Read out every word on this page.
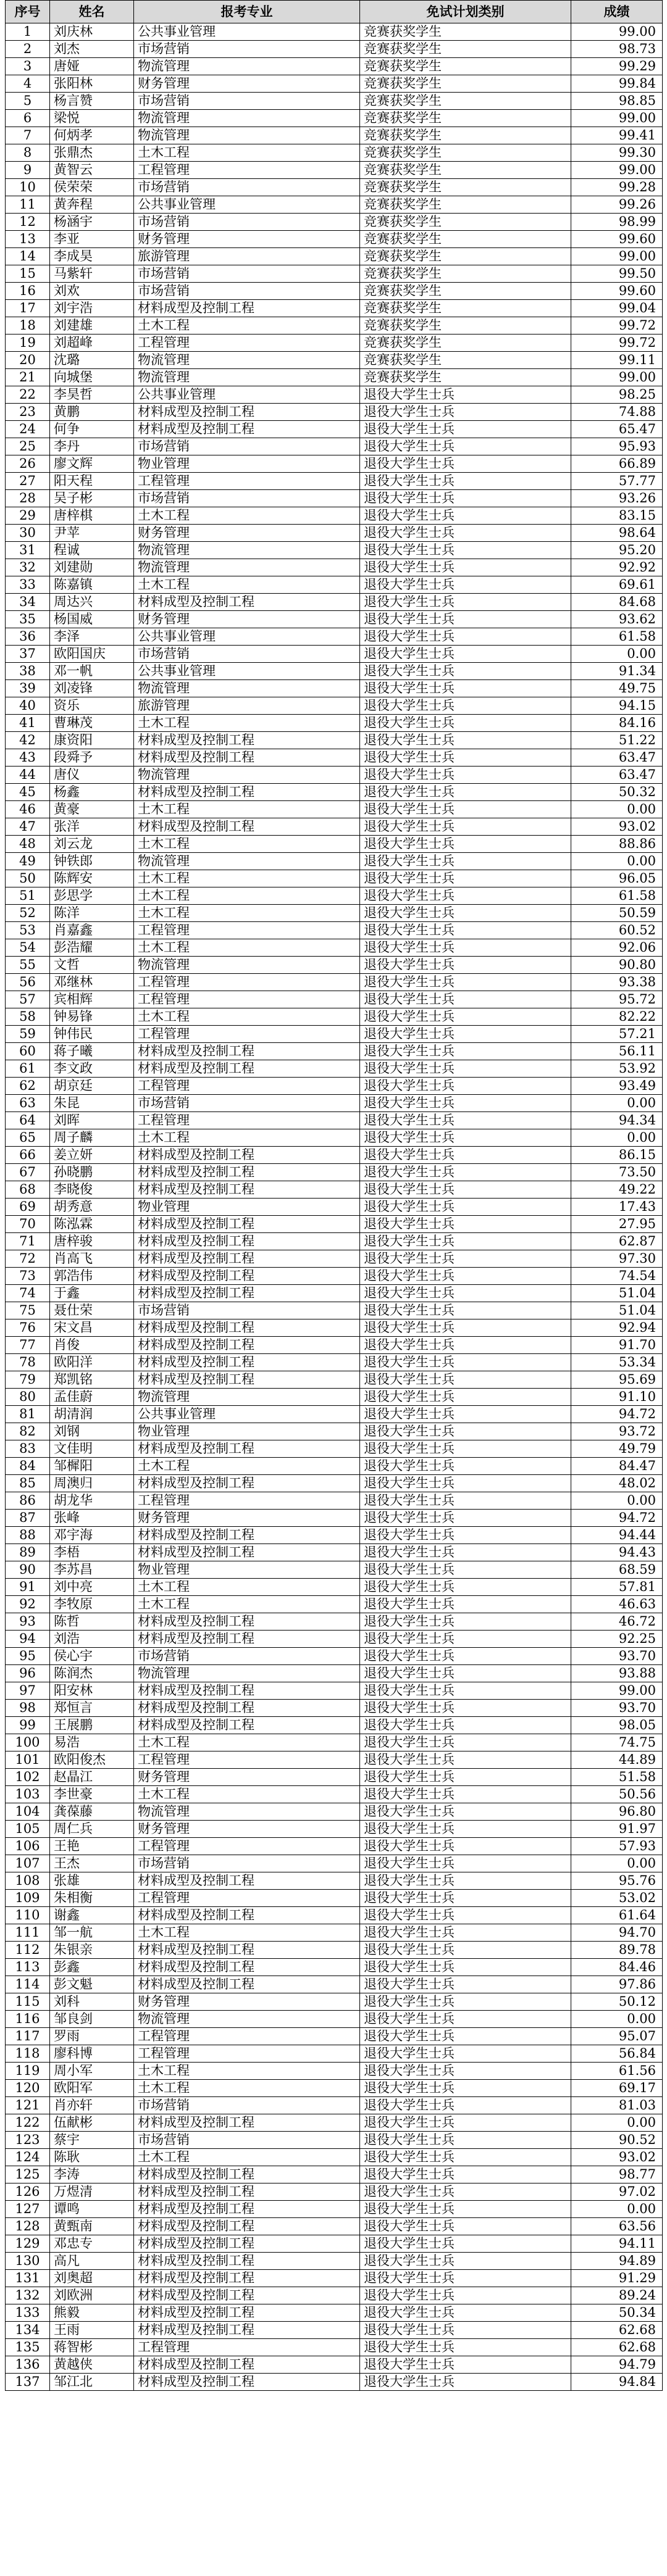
序号	姓名	报考专业	免试计划类别	成绩
1	刘庆林	公共事业管理	竞赛获奖学生	99.00
2	刘杰	市场营销	竞赛获奖学生	98.73
3	唐娅	物流管理	竞赛获奖学生	99.29
4	张阳林	财务管理	竞赛获奖学生	99.84
5	杨言赞	市场营销	竞赛获奖学生	98.85
6	梁悦	物流管理	竞赛获奖学生	99.00
7	何炳孝	物流管理	竞赛获奖学生	99.41
8	张鼎杰	土木工程	竞赛获奖学生	99.30
9	黄智云	工程管理	竞赛获奖学生	99.00
10	侯荣荣	市场营销	竞赛获奖学生	99.28
11	黄奔程	公共事业管理	竞赛获奖学生	99.26
12	杨涵宇	市场营销	竞赛获奖学生	98.99
13	李亚	财务管理	竞赛获奖学生	99.60
14	李成昊	旅游管理	竞赛获奖学生	99.00
15	马紫轩	市场营销	竞赛获奖学生	99.50
16	刘欢	市场营销	竞赛获奖学生	99.60
17	刘宇浩	材料成型及控制工程	竞赛获奖学生	99.04
18	刘建雄	土木工程	竞赛获奖学生	99.72
19	刘超峰	工程管理	竞赛获奖学生	99.72
20	沈璐	物流管理	竞赛获奖学生	99.11
21	向城堡	物流管理	竞赛获奖学生	99.00
22	李昊哲	公共事业管理	退役大学生士兵	98.25
23	黄鹏	材料成型及控制工程	退役大学生士兵	74.88
24	何争	材料成型及控制工程	退役大学生士兵	65.47
25	李丹	市场营销	退役大学生士兵	95.93
26	廖文辉	物业管理	退役大学生士兵	66.89
27	阳天程	工程管理	退役大学生士兵	57.77
28	吴子彬	市场营销	退役大学生士兵	93.26
29	唐梓棋	土木工程	退役大学生士兵	83.15
30	尹苹	财务管理	退役大学生士兵	98.64
31	程诚	物流管理	退役大学生士兵	95.20
32	刘建勋	物流管理	退役大学生士兵	92.92
33	陈嘉镇	土木工程	退役大学生士兵	69.61
34	周达兴	材料成型及控制工程	退役大学生士兵	84.68
35	杨国威	财务管理	退役大学生士兵	93.62
36	李泽	公共事业管理	退役大学生士兵	61.58
37	欧阳国庆	市场营销	退役大学生士兵	0.00
38	邓一帆	公共事业管理	退役大学生士兵	91.34
39	刘凌锋	物流管理	退役大学生士兵	49.75
40	资乐	旅游管理	退役大学生士兵	94.15
41	曹琳茂	土木工程	退役大学生士兵	84.16
42	康资阳	材料成型及控制工程	退役大学生士兵	51.22
43	段舜予	材料成型及控制工程	退役大学生士兵	63.47
44	唐仪	物流管理	退役大学生士兵	63.47
45	杨鑫	材料成型及控制工程	退役大学生士兵	50.32
46	黄豪	土木工程	退役大学生士兵	0.00
47	张洋	材料成型及控制工程	退役大学生士兵	93.02
48	刘云龙	土木工程	退役大学生士兵	88.86
49	钟铁郎	物流管理	退役大学生士兵	0.00
50	陈辉安	土木工程	退役大学生士兵	96.05
51	彭思学	土木工程	退役大学生士兵	61.58
52	陈洋	土木工程	退役大学生士兵	50.59
53	肖嘉鑫	工程管理	退役大学生士兵	60.52
54	彭浩耀	土木工程	退役大学生士兵	92.06
55	文哲	物流管理	退役大学生士兵	90.80
56	邓继林	工程管理	退役大学生士兵	93.38
57	宾相辉	工程管理	退役大学生士兵	95.72
58	钟易锋	土木工程	退役大学生士兵	82.22
59	钟伟民	工程管理	退役大学生士兵	57.21
60	蒋子曦	材料成型及控制工程	退役大学生士兵	56.11
61	李文政	材料成型及控制工程	退役大学生士兵	53.92
62	胡京廷	工程管理	退役大学生士兵	93.49
63	朱昆	市场营销	退役大学生士兵	0.00
64	刘晖	工程管理	退役大学生士兵	94.34
65	周子麟	土木工程	退役大学生士兵	0.00
66	姜立妍	材料成型及控制工程	退役大学生士兵	86.15
67	孙晓鹏	材料成型及控制工程	退役大学生士兵	73.50
68	李晓俊	材料成型及控制工程	退役大学生士兵	49.22
69	胡秀意	物业管理	退役大学生士兵	17.43
70	陈泓霖	材料成型及控制工程	退役大学生士兵	27.95
71	唐梓骏	材料成型及控制工程	退役大学生士兵	62.87
72	肖高飞	材料成型及控制工程	退役大学生士兵	97.30
73	郭浩伟	材料成型及控制工程	退役大学生士兵	74.54
74	于鑫	材料成型及控制工程	退役大学生士兵	51.04
75	聂仕荣	市场营销	退役大学生士兵	51.04
76	宋文昌	材料成型及控制工程	退役大学生士兵	92.94
77	肖俊	材料成型及控制工程	退役大学生士兵	91.70
78	欧阳洋	材料成型及控制工程	退役大学生士兵	53.34
79	郑凯铭	材料成型及控制工程	退役大学生士兵	95.69
80	孟佳蔚	物流管理	退役大学生士兵	91.10
81	胡清润	公共事业管理	退役大学生士兵	94.72
82	刘钢	物业管理	退役大学生士兵	93.72
83	文佳明	材料成型及控制工程	退役大学生士兵	49.79
84	邹樨阳	土木工程	退役大学生士兵	84.47
85	周澳归	材料成型及控制工程	退役大学生士兵	48.02
86	胡龙华	工程管理	退役大学生士兵	0.00
87	张峰	财务管理	退役大学生士兵	94.72
88	邓宇海	材料成型及控制工程	退役大学生士兵	94.44
89	李梧	材料成型及控制工程	退役大学生士兵	94.43
90	李苏昌	物业管理	退役大学生士兵	68.59
91	刘中亮	土木工程	退役大学生士兵	57.81
92	李牧原	土木工程	退役大学生士兵	46.63
93	陈哲	材料成型及控制工程	退役大学生士兵	46.72
94	刘浩	材料成型及控制工程	退役大学生士兵	92.25
95	侯心宇	市场营销	退役大学生士兵	93.70
96	陈润杰	物流管理	退役大学生士兵	93.88
97	阳安林	材料成型及控制工程	退役大学生士兵	99.00
98	郑恒言	材料成型及控制工程	退役大学生士兵	93.70
99	王展鹏	材料成型及控制工程	退役大学生士兵	98.05
100	易浩	土木工程	退役大学生士兵	74.75
101	欧阳俊杰	工程管理	退役大学生士兵	44.89
102	赵晶江	财务管理	退役大学生士兵	51.58
103	李世豪	土木工程	退役大学生士兵	50.56
104	龚葆藤	物流管理	退役大学生士兵	96.80
105	周仁兵	财务管理	退役大学生士兵	91.97
106	王艳	工程管理	退役大学生士兵	57.93
107	王杰	市场营销	退役大学生士兵	0.00
108	张雄	材料成型及控制工程	退役大学生士兵	95.76
109	朱相衡	工程管理	退役大学生士兵	53.02
110	谢鑫	材料成型及控制工程	退役大学生士兵	61.64
111	邹一航	土木工程	退役大学生士兵	94.70
112	朱银亲	材料成型及控制工程	退役大学生士兵	89.78
113	彭鑫	材料成型及控制工程	退役大学生士兵	84.46
114	彭文魁	材料成型及控制工程	退役大学生士兵	97.86
115	刘科	财务管理	退役大学生士兵	50.12
116	邹良剑	物流管理	退役大学生士兵	0.00
117	罗雨	工程管理	退役大学生士兵	95.07
118	廖科博	工程管理	退役大学生士兵	56.84
119	周小军	土木工程	退役大学生士兵	61.56
120	欧阳军	土木工程	退役大学生士兵	69.17
121	肖亦轩	市场营销	退役大学生士兵	81.03
122	伍献彬	材料成型及控制工程	退役大学生士兵	0.00
123	蔡宇	市场营销	退役大学生士兵	90.52
124	陈耿	土木工程	退役大学生士兵	93.02
125	李涛	材料成型及控制工程	退役大学生士兵	98.77
126	万煜清	材料成型及控制工程	退役大学生士兵	97.02
127	谭鸣	材料成型及控制工程	退役大学生士兵	0.00
128	黄甄南	材料成型及控制工程	退役大学生士兵	63.56
129	邓忠专	材料成型及控制工程	退役大学生士兵	94.11
130	高凡	材料成型及控制工程	退役大学生士兵	94.89
131	刘奥超	材料成型及控制工程	退役大学生士兵	91.29
132	刘欧洲	材料成型及控制工程	退役大学生士兵	89.24
133	熊毅	材料成型及控制工程	退役大学生士兵	50.34
134	王雨	材料成型及控制工程	退役大学生士兵	62.68
135	蒋智彬	工程管理	退役大学生士兵	62.68
136	黄越侠	材料成型及控制工程	退役大学生士兵	94.79
137	邹江北	材料成型及控制工程	退役大学生士兵	94.84
